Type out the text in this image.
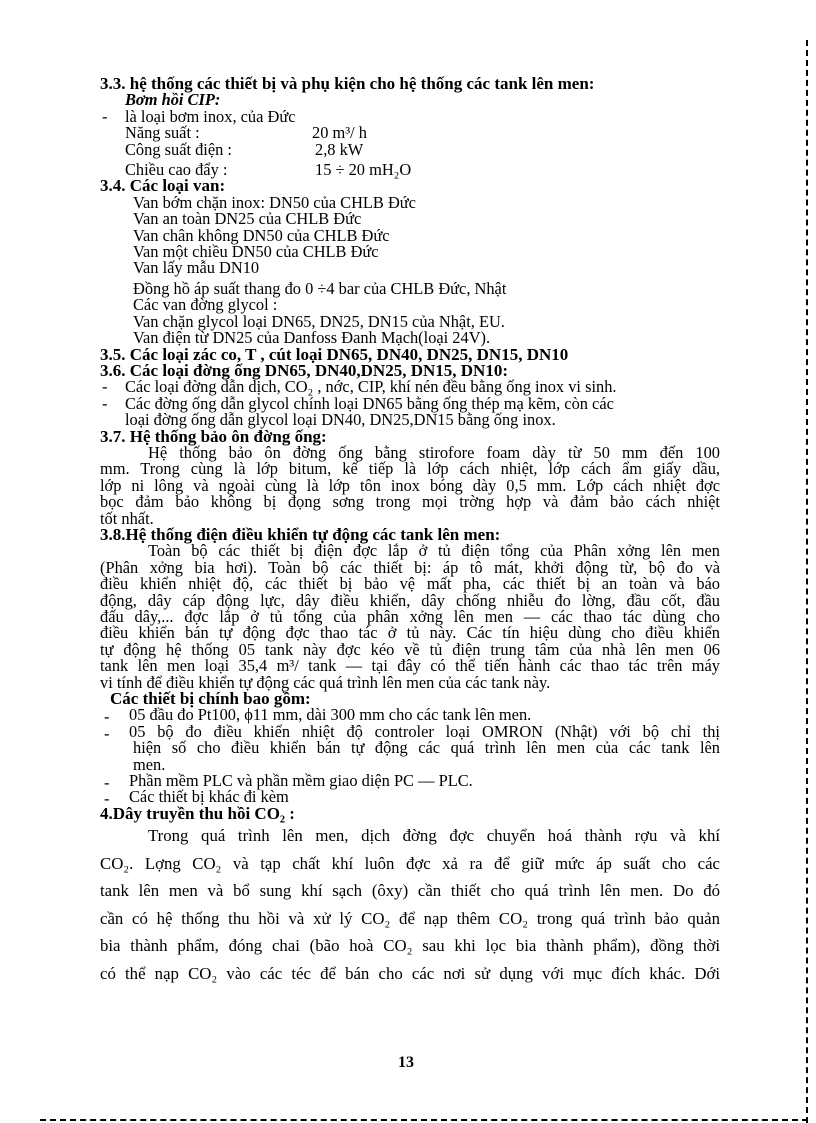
3.3. hệ thống các thiết bị và phụ kiện cho hệ thống các tank lên men:
Bơm hồi CIP:
- là loại bơm inox, của Đức
Năng suất :	20 m³/ h
Công suất điện :	2,8 kW
Chiều cao đẩy :	15 ÷ 20 mH₂O
3.4. Các loại van:
Van bớm chặn inox: DN50 của CHLB Đức
Van an toàn DN25 của CHLB Đức
Van chân không DN50 của CHLB Đức
Van một chiều DN50 của CHLB Đức
Van lấy mẫu DN10
Đồng hồ áp suất thang đo 0 ÷4 bar của CHLB Đức, Nhật
Các van đờng glycol :
Van chặn glycol loại DN65, DN25, DN15 của Nhật, EU.
Van điện từ DN25 của Danfoss Đanh Mạch(loại 24V).
3.5. Các loại zác co, T , cút loại DN65, DN40, DN25, DN15, DN10
3.6. Các loại đờng ống DN65, DN40,DN25, DN15, DN10:
- Các loại đờng dẫn dịch, CO₂ , nớc, CIP, khí nén đều bằng ống inox vi sinh.
- Các đờng ống dẫn glycol chính loại DN65 bằng ống thép mạ kẽm, còn các
loại đờng ống dẫn glycol loại DN40, DN25,DN15 bằng ống inox.
3.7. Hệ thống bảo ôn đờng ống:
Hệ thống bảo ôn đờng ống bằng stirofore foam dày từ 50 mm đến 100
mm. Trong cùng là lớp bitum, kế tiếp là lớp cách nhiệt, lớp cách ẩm giấy dầu,
lớp ni lông và ngoài cùng là lớp tôn inox bóng dày 0,5 mm. Lớp cách nhiệt đợc
bọc đảm bảo không bị đọng sơng trong mọi trờng hợp và đảm bảo cách nhiệt
tốt nhất.
3.8.Hệ thống điện điều khiển tự động các tank lên men:
Toàn bộ các thiết bị điện đợc lắp ở tủ điện tổng của Phân xởng lên men
(Phân xởng bia hơi). Toàn bộ các thiết bị: áp tô mát, khởi động từ, bộ đo và
điều khiển nhiệt độ, các thiết bị bảo vệ mất pha, các thiết bị an toàn và báo
động, dây cáp động lực, dây điều khiển, dây chống nhiễu đo lờng, đầu cốt, đầu
đấu dây,... đợc lắp ở tủ tổng của phân xởng lên men — các thao tác dùng cho
điều khiển bán tự động đợc thao tác ở tủ này. Các tín hiệu dùng cho điều khiển
tự động hệ thống 05 tank này đợc kéo về tủ điện trung tâm của nhà lên men 06
tank lên men loại 35,4 m³/ tank — tại đây có thể tiến hành các thao tác trên máy
vi tính để điều khiển tự động các quá trình lên men của các tank này.
Các thiết bị chính bao gồm:
- 05 đầu đo Pt100, ϕ11 mm, dài 300 mm cho các tank lên men.
- 05 bộ đo điều khiển nhiệt độ controler loại OMRON (Nhật) với bộ chỉ thị
hiện số cho điều khiển bán tự động các quá trình lên men của các tank lên
men.
- Phần mềm PLC và phần mềm giao diện PC — PLC.
- Các thiết bị khác đi kèm
4.Dây truyền thu hồi CO₂ :
Trong quá trình lên men, dịch đờng đợc chuyển hoá thành rợu và khí
CO₂. Lợng CO₂ và tạp chất khí luôn đợc xả ra để giữ mức áp suất cho các
tank lên men và bổ sung khí sạch (ôxy) cần thiết cho quá trình lên men. Do đó
cần có hệ thống thu hồi và xử lý CO₂ để nạp thêm CO₂ trong quá trình bảo quản
bia thành phẩm, đóng chai (bão hoà CO₂ sau khi lọc bia thành phẩm), đồng thời
có thể nạp CO₂ vào các téc để bán cho các nơi sử dụng với mục đích khác. Dới
13
